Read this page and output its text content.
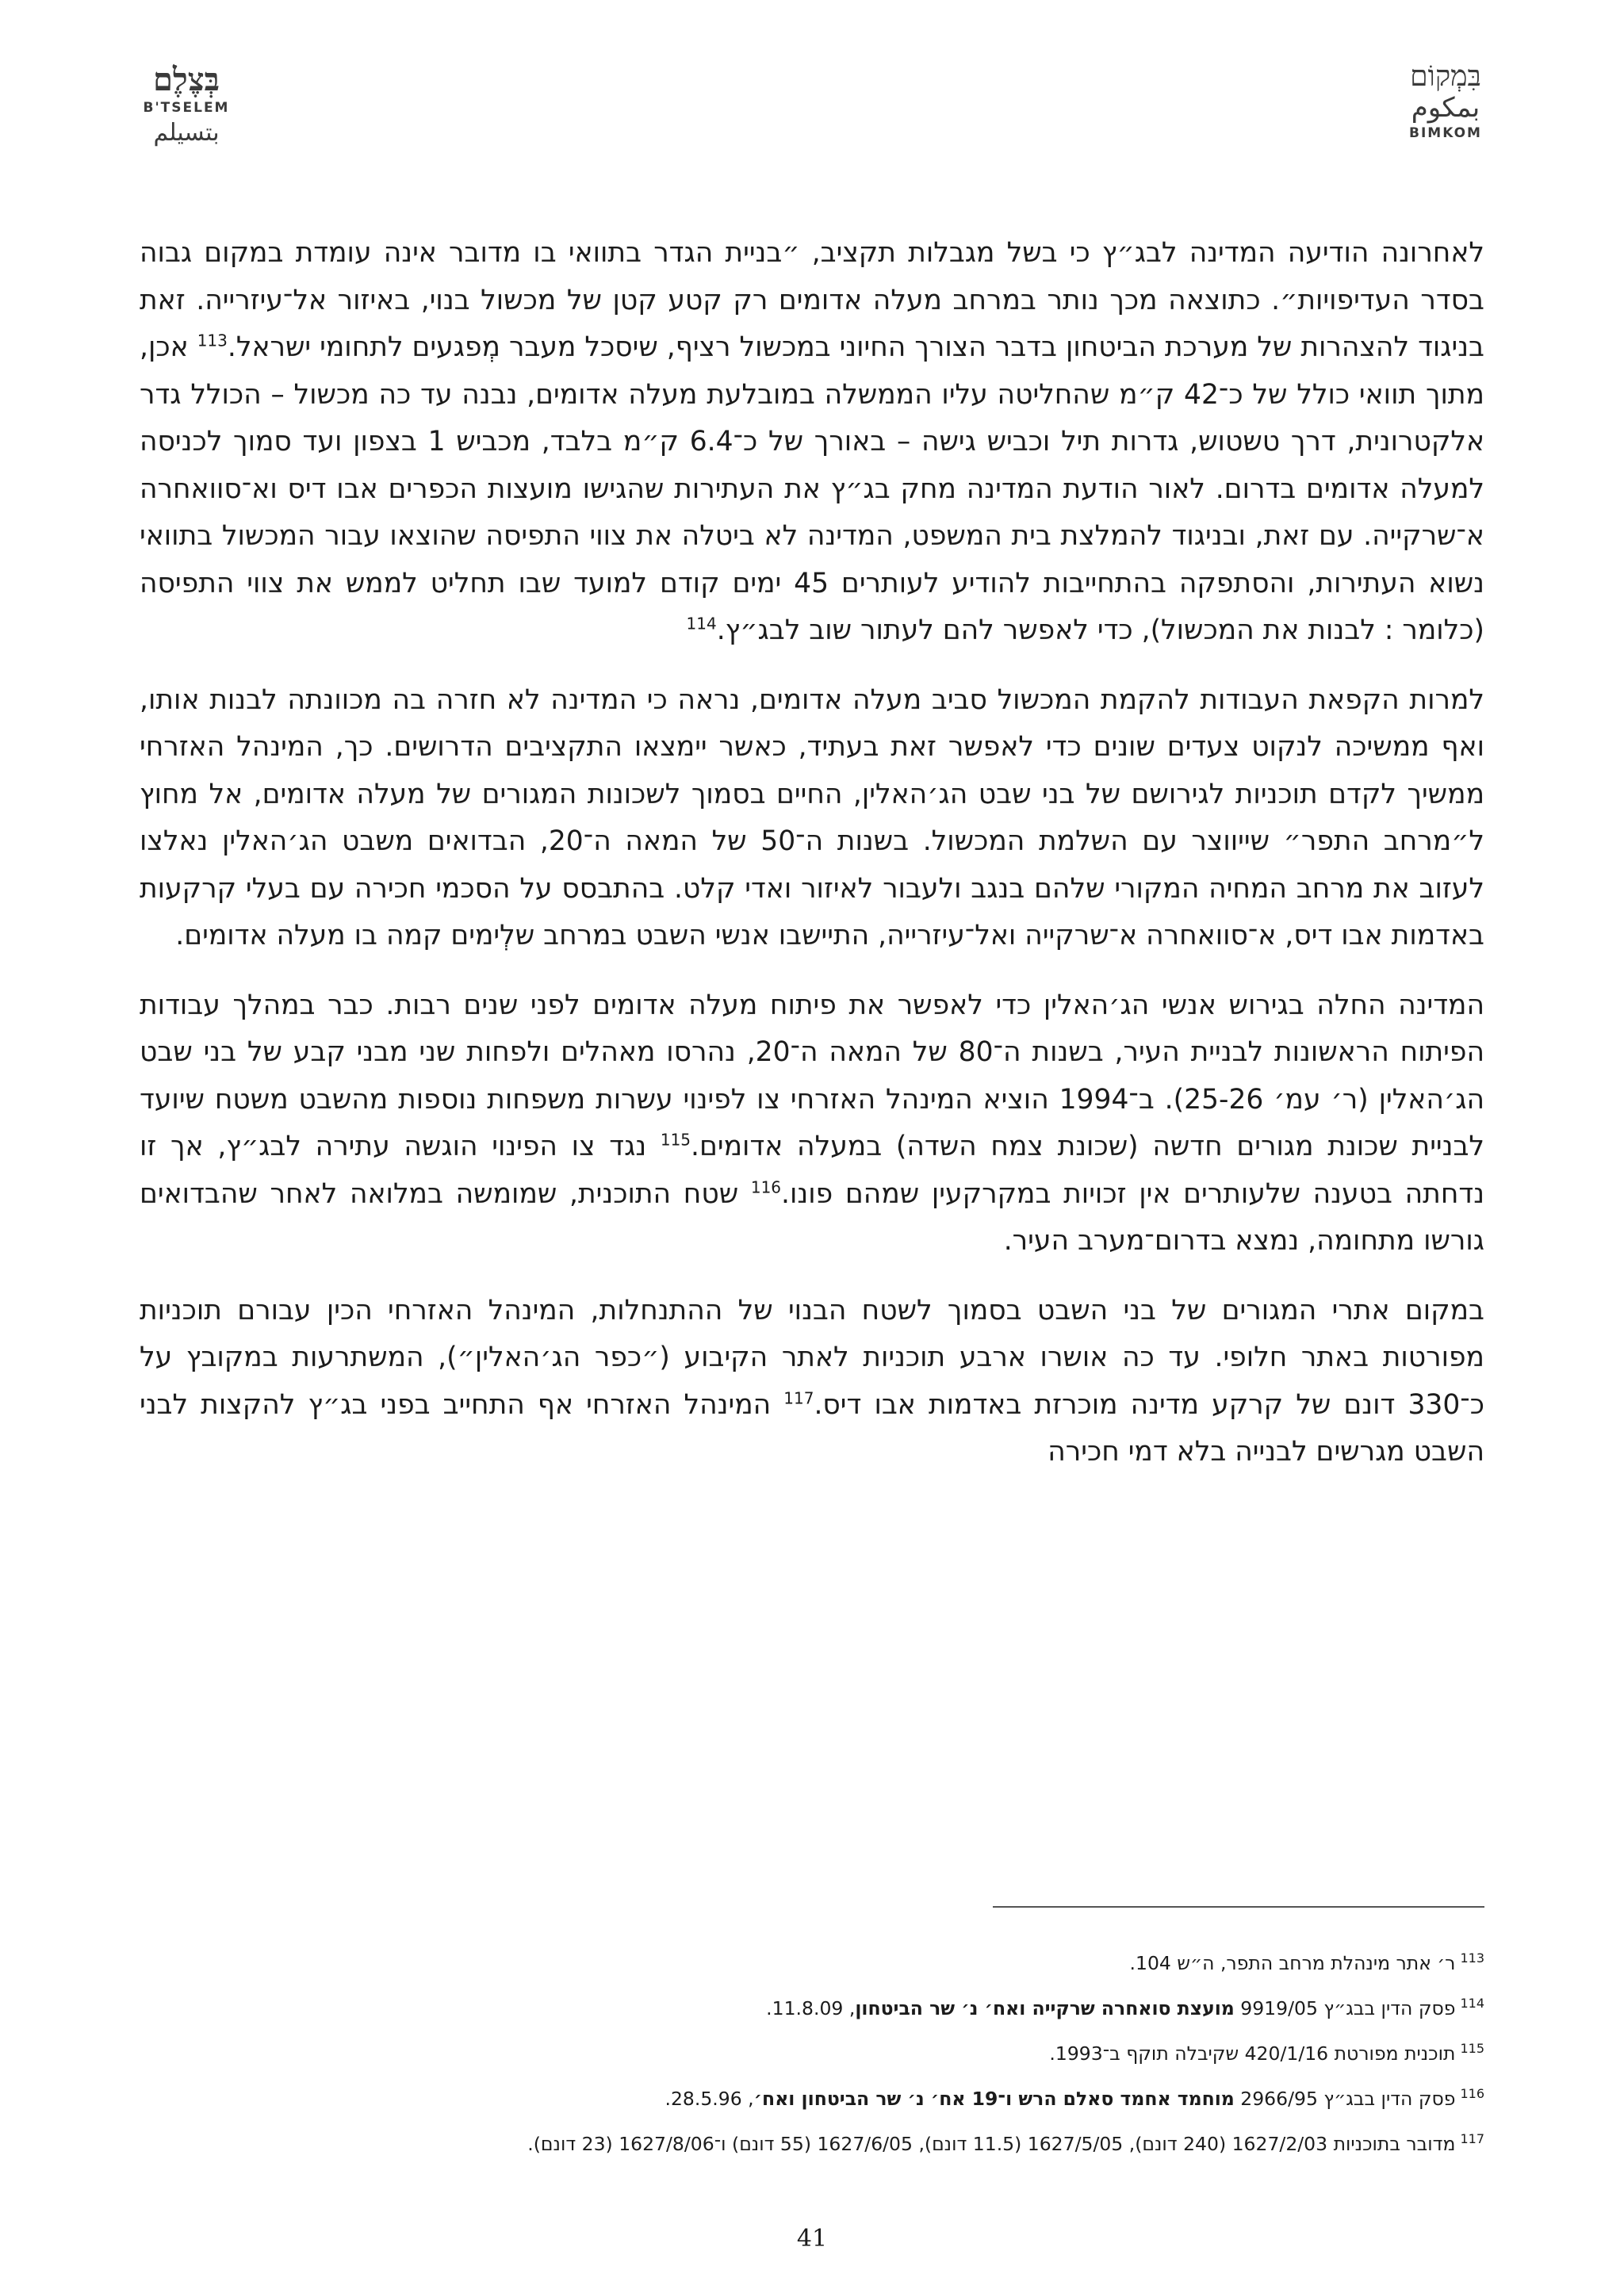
בְּצֶלֶם
B'TSELEM
بتسيلم
בִּמְקוֹם
بمكوم
BIMKOM

לאחרונה הודיעה המדינה לבג״ץ כי בשל מגבלות תקציב, ״בניית הגדר בתוואי בו מדובר אינה עומדת במקום גבוה בסדר העדיפויות״. כתוצאה מכך נותר במרחב מעלה אדומים רק קטע קטן של מכשול בנוי, באיזור אל־עיזרייה. זאת בניגוד להצהרות של מערכת הביטחון בדבר הצורך החיוני במכשול רציף, שיסכל מעבר מְפגעים לתחומי ישראל.$^{113}$ אכן, מתוך תוואי כולל של כ־42 ק״מ שהחליטה עליו הממשלה במובלעת מעלה אדומים, נבנה עד כה מכשול – הכולל גדר אלקטרונית, דרך טשטוש, גדרות תיל וכביש גישה – באורך של כ־6.4 ק״מ בלבד, מכביש 1 בצפון ועד סמוך לכניסה למעלה אדומים בדרום. לאור הודעת המדינה מחק בג״ץ את העתירות שהגישו מועצות הכפרים אבו דיס וא־סוואחרה א־שרקייה. עם זאת, ובניגוד להמלצת בית המשפט, המדינה לא ביטלה את צווי התפיסה שהוצאו עבור המכשול בתוואי נשוא העתירות, והסתפקה בהתחייבות להודיע לעותרים 45 ימים קודם למועד שבו תחליט לממש את צווי התפיסה (כלומר : לבנות את המכשול), כדי לאפשר להם לעתור שוב לבג״ץ.$^{114}$

למרות הקפאת העבודות להקמת המכשול סביב מעלה אדומים, נראה כי המדינה לא חזרה בה מכוונתה לבנות אותו, ואף ממשיכה לנקוט צעדים שונים כדי לאפשר זאת בעתיד, כאשר יימצאו התקציבים הדרושים. כך, המינהל האזרחי ממשיך לקדם תוכניות לגירושם של בני שבט הג׳האלין, החיים בסמוך לשכונות המגורים של מעלה אדומים, אל מחוץ ל״מרחב התפר״ שייווצר עם השלמת המכשול. בשנות ה־50 של המאה ה־20, הבדואים משבט הג׳האלין נאלצו לעזוב את מרחב המחיה המקורי שלהם בנגב ולעבור לאיזור ואדי קלט. בהתבסס על הסכמי חכירה עם בעלי קרקעות באדמות אבו דיס, א־סוואחרה א־שרקייה ואל־עיזרייה, התיישבו אנשי השבט במרחב שלְימים קמה בו מעלה אדומים.

המדינה החלה בגירוש אנשי הג׳האלין כדי לאפשר את פיתוח מעלה אדומים לפני שנים רבות. כבר במהלך עבודות הפיתוח הראשונות לבניית העיר, בשנות ה־80 של המאה ה־20, נהרסו מאהלים ולפחות שני מבני קבע של בני שבט הג׳האלין (ר׳ עמ׳ 25-26). ב־1994 הוציא המינהל האזרחי צו לפינוי עשרות משפחות נוספות מהשבט משטח שיועד לבניית שכונת מגורים חדשה (שכונת צמח השדה) במעלה אדומים.$^{115}$ נגד צו הפינוי הוגשה עתירה לבג״ץ, אך זו נדחתה בטענה שלעותרים אין זכויות במקרקעין שמהם פונו.$^{116}$ שטח התוכנית, שמומשה במלואה לאחר שהבדואים גורשו מתחומה, נמצא בדרום־מערב העיר.

במקום אתרי המגורים של בני השבט בסמוך לשטח הבנוי של ההתנחלות, המינהל האזרחי הכין עבורם תוכניות מפורטות באתר חלופי. עד כה אושרו ארבע תוכניות לאתר הקיבוע (״כפר הג׳האלין״), המשתרעות במקובץ על כ־330 דונם של קרקע מדינה מוכרזת באדמות אבו דיס.$^{117}$ המינהל האזרחי אף התחייב בפני בג״ץ להקצות לבני השבט מגרשים לבנייה בלא דמי חכירה

$^{113}$ר׳ אתר מינהלת מרחב התפר, ה״ש 104.
$^{114}$פסק הדין בבג״ץ 9919/05 מועצת סואחרה שרקייה ואח׳ נ׳ שר הביטחון, 11.8.09.
$^{115}$תוכנית מפורטת 420/1/16 שקיבלה תוקף ב־1993.
$^{116}$פסק הדין בבג״ץ 2966/95 מוחמד אחמד סאלם הרש ו־19 אח׳ נ׳ שר הביטחון ואח׳, 28.5.96.
$^{117}$מדובר בתוכניות 1627/2/03 (240 דונם), 1627/5/05 (11.5 דונם), 1627/6/05 (55 דונם) ו־1627/8/06 (23 דונם).
41
